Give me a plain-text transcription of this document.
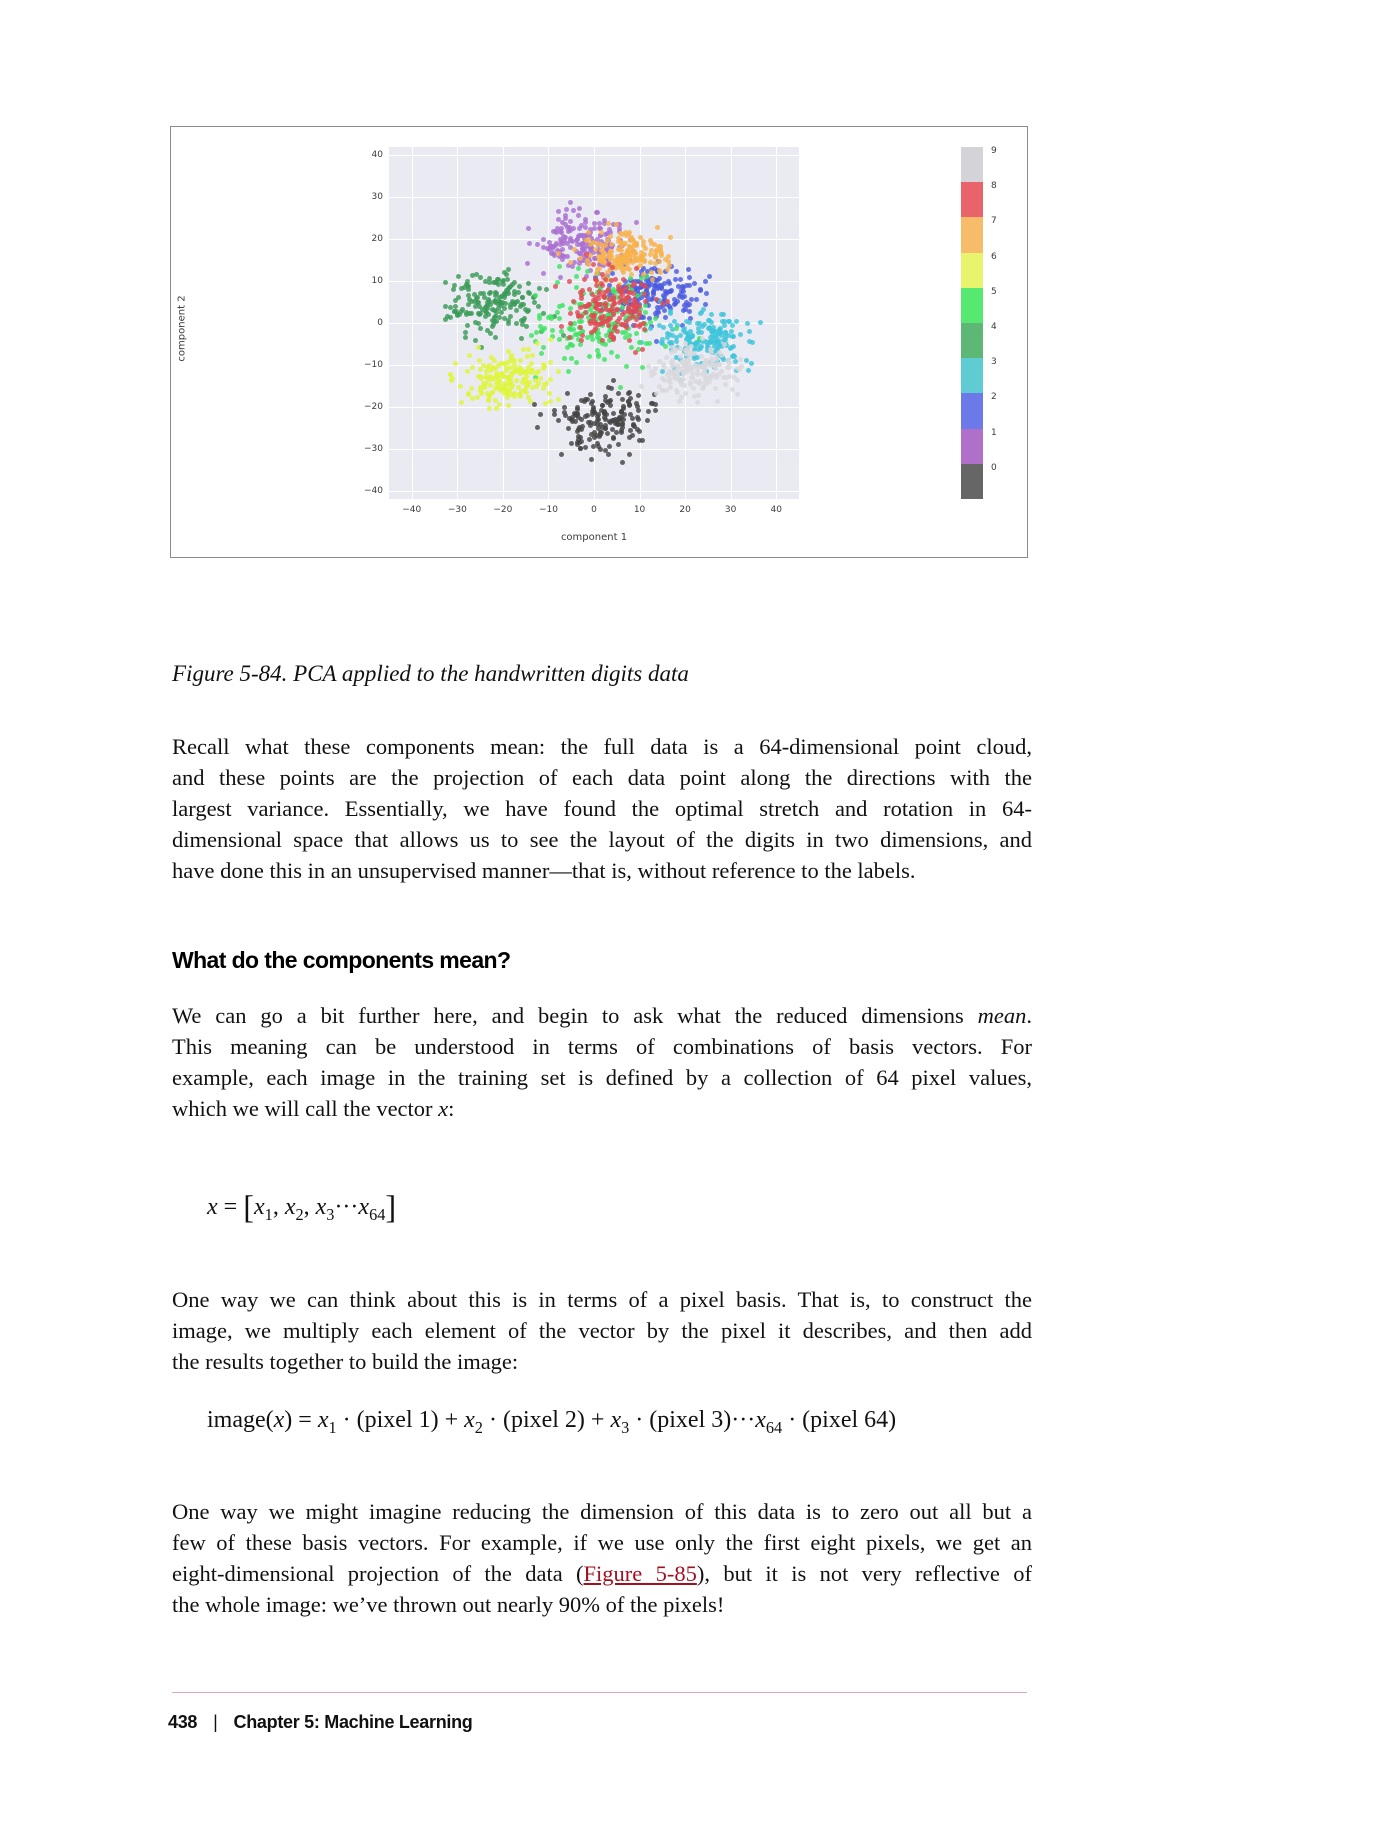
40
30
20
10
0
−10
−20
−30
−40
−40	−30	−20	−10	0	10	20	30	40
component 1
component 2
9
8
7
6
5
4
3
2
1
0
Figure 5-84. PCA applied to the handwritten digits data
Recall what these components mean: the full data is a 64-dimensional point cloud,
and these points are the projection of each data point along the directions with the
largest variance. Essentially, we have found the optimal stretch and rotation in 64-
dimensional space that allows us to see the layout of the digits in two dimensions, and
have done this in an unsupervised manner—that is, without reference to the labels.
What do the components mean?
We can go a bit further here, and begin to ask what the reduced dimensions mean.
This meaning can be understood in terms of combinations of basis vectors. For
example, each image in the training set is defined by a collection of 64 pixel values,
which we will call the vector x:
$x = [x_1$, $x_2$, $x_3\cdot\cdot\cdot x_{64}$]
One way we can think about this is in terms of a pixel basis. That is, to construct the
image, we multiply each element of the vector by the pixel it describes, and then add
the results together to build the image:
image(x) = $x_1$ · (pixel $1) + x_2$ · (pixel $2) + x_3$ · (pixel $3)\cdot\cdot\cdot x_{64}$ · (pixel 64)
One way we might imagine reducing the dimension of this data is to zero out all but a
few of these basis vectors. For example, if we use only the first eight pixels, we get an
eight-dimensional projection of the data (Figure 5-85), but it is not very reflective of
the whole image: we’ve thrown out nearly 90% of the pixels!
438 | Chapter 5: Machine Learning
